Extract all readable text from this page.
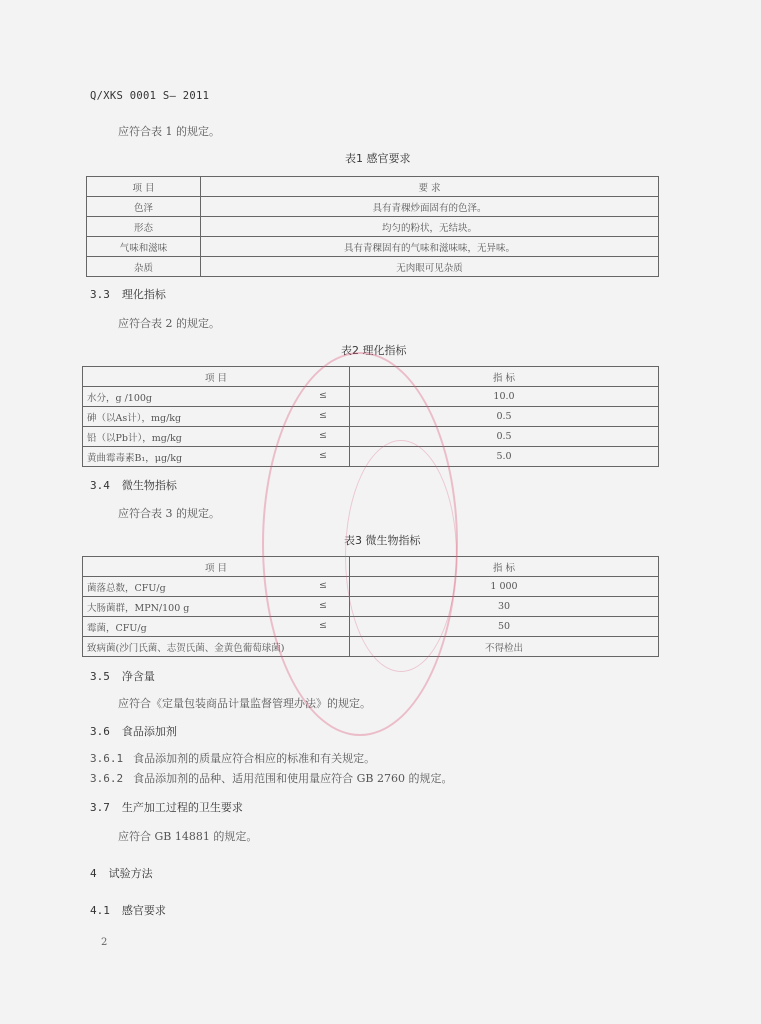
Q/XKS 0001 S— 2011
应符合表 1 的规定。
表1 感官要求
项 目	要 求
色泽	具有青稞炒面固有的色泽。
形态	均匀的粉状，无结块。
气味和滋味	具有青稞固有的气味和滋味味，无异味。
杂质	无肉眼可见杂质
3.3 理化指标
应符合表 2 的规定。
表2 理化指标
项 目	指 标
水分，g /100g ≤	10.0
砷（以As计），mg/kg ≤	0.5
铅（以Pb计），mg/kg ≤	0.5
黄曲霉毒素B₁，μg/kg ≤	5.0
3.4 微生物指标
应符合表 3 的规定。
表3 微生物指标
项 目	指 标
菌落总数，CFU/g ≤	1 000
大肠菌群，MPN/100 g ≤	30
霉菌，CFU/g ≤	50
致病菌(沙门氏菌、志贺氏菌、金黄色葡萄球菌)	不得检出
3.5 净含量
应符合《定量包装商品计量监督管理办法》的规定。
3.6 食品添加剂
3.6.1 食品添加剂的质量应符合相应的标准和有关规定。
3.6.2 食品添加剂的品种、适用范围和使用量应符合 GB 2760 的规定。
3.7 生产加工过程的卫生要求
应符合 GB 14881 的规定。
4 试验方法
4.1 感官要求
2
